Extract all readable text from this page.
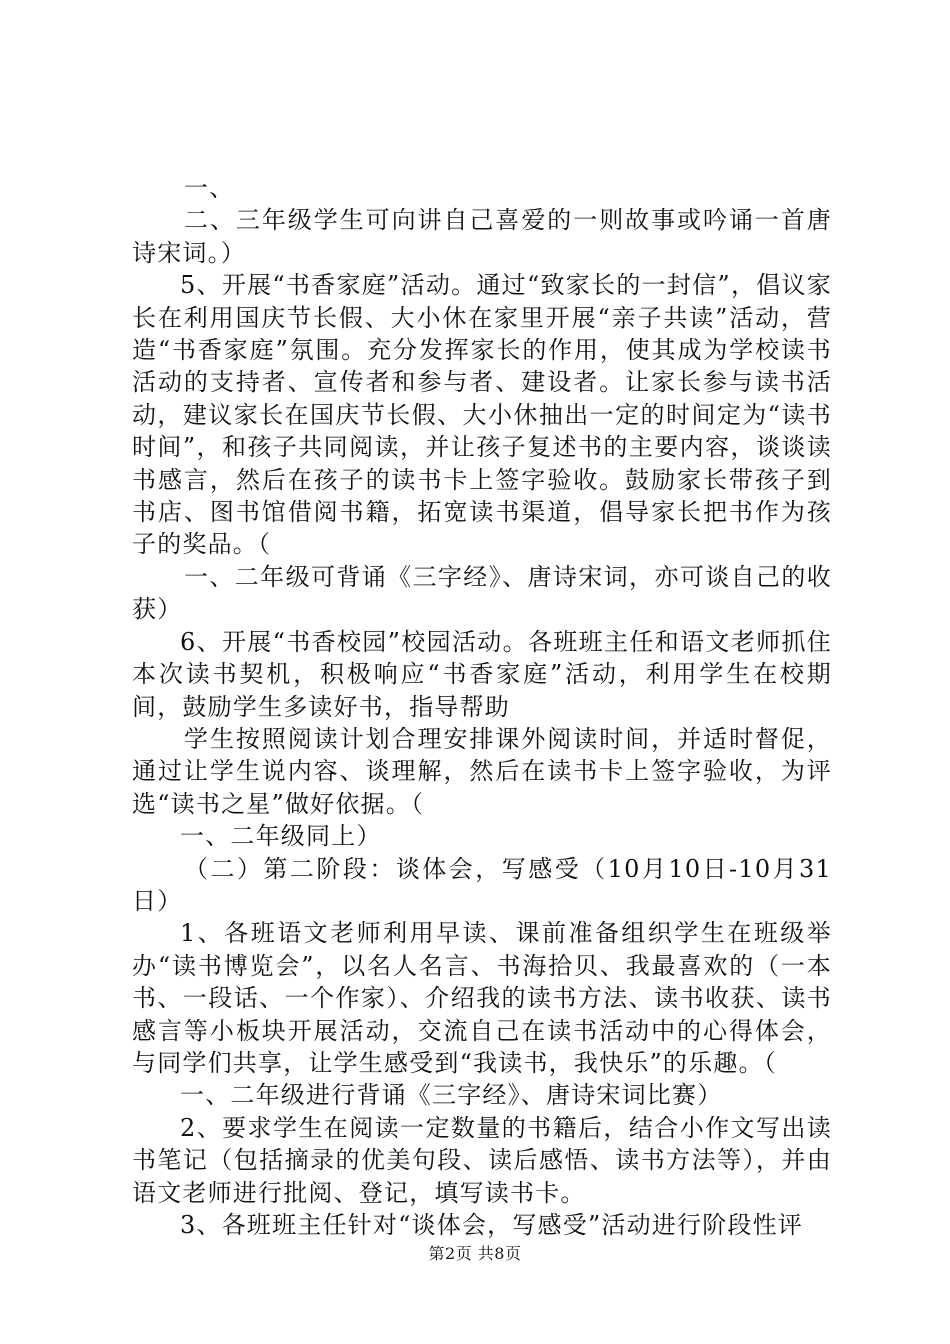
一、

二、三年级学生可向讲自己喜爱的一则故事或吟诵一首唐诗宋词。）

5、开展“书香家庭”活动。通过“致家长的一封信”，倡议家长在利用国庆节长假、大小休在家里开展“亲子共读”活动，营造“书香家庭”氛围。充分发挥家长的作用，使其成为学校读书活动的支持者、宣传者和参与者、建设者。让家长参与读书活动，建议家长在国庆节长假、大小休抽出一定的时间定为“读书时间”，和孩子共同阅读，并让孩子复述书的主要内容，谈谈读书感言，然后在孩子的读书卡上签字验收。鼓励家长带孩子到书店、图书馆借阅书籍，拓宽读书渠道，倡导家长把书作为孩子的奖品。（

一、二年级可背诵《三字经》、唐诗宋词，亦可谈自己的收获）

6、开展“书香校园”校园活动。各班班主任和语文老师抓住本次读书契机，积极响应“书香家庭”活动，利用学生在校期间，鼓励学生多读好书，指导帮助

学生按照阅读计划合理安排课外阅读时间，并适时督促，通过让学生说内容、谈理解，然后在读书卡上签字验收，为评选“读书之星”做好依据。（

一、二年级同上）

（二）第二阶段：谈体会，写感受（10月10日-10月31日）

1、各班语文老师利用早读、课前准备组织学生在班级举办“读书博览会”，以名人名言、书海拾贝、我最喜欢的（一本书、一段话、一个作家）、介绍我的读书方法、读书收获、读书感言等小板块开展活动，交流自己在读书活动中的心得体会，与同学们共享，让学生感受到“我读书，我快乐”的乐趣。（

一、二年级进行背诵《三字经》、唐诗宋词比赛）

2、要求学生在阅读一定数量的书籍后，结合小作文写出读书笔记（包括摘录的优美句段、读后感悟、读书方法等），并由语文老师进行批阅、登记，填写读书卡。

3、各班班主任针对“谈体会，写感受”活动进行阶段性评

第2页 共8页
